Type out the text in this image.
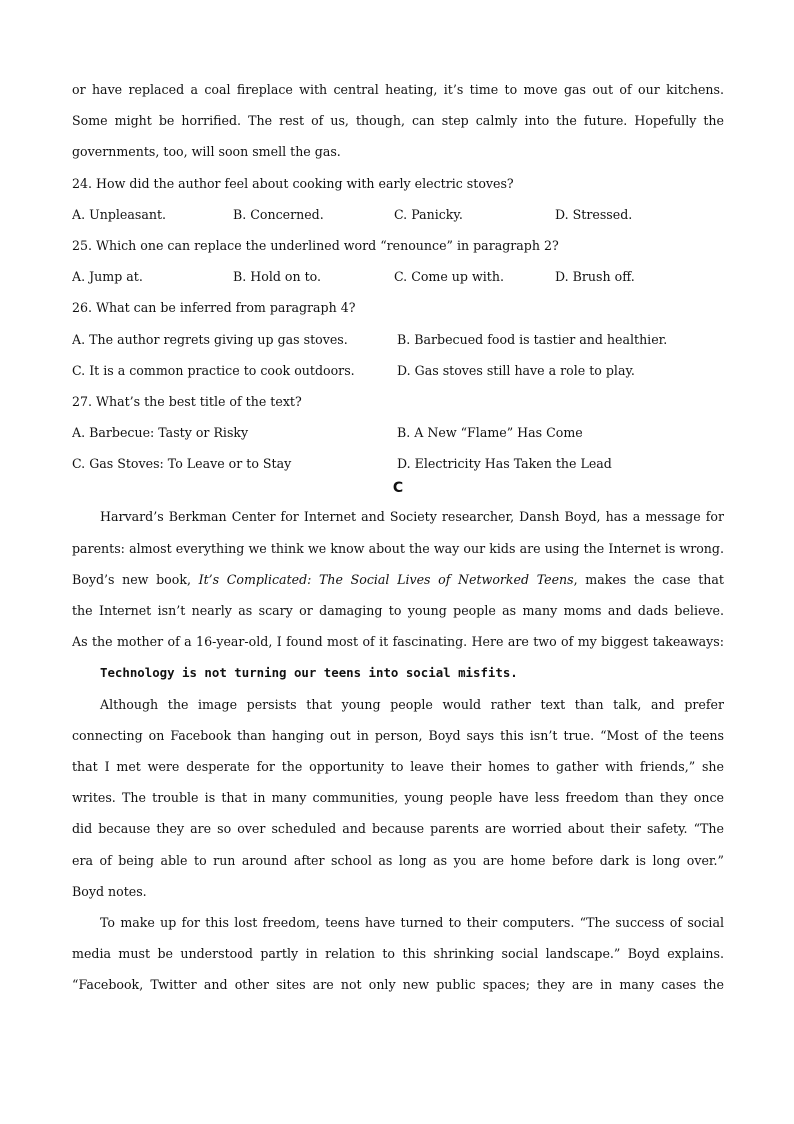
or have replaced a coal fireplace with central heating, it’s time to move gas out of our kitchens.
Some might be horrified. The rest of us, though, can step calmly into the future. Hopefully the
governments, too, will soon smell the gas.
24. How did the author feel about cooking with early electric stoves?
A. Unpleasant.	B. Concerned.	C. Panicky.	D. Stressed.
25. Which one can replace the underlined word “renounce” in paragraph 2?
A. Jump at.	B. Hold on to.	C. Come up with.	D. Brush off.
26. What can be inferred from paragraph 4?
A. The author regrets giving up gas stoves.	B. Barbecued food is tastier and healthier.
C. It is a common practice to cook outdoors.	D. Gas stoves still have a role to play.
27. What’s the best title of the text?
A. Barbecue: Tasty or Risky	B. A New “Flame” Has Come
C. Gas Stoves: To Leave or to Stay	D. Electricity Has Taken the Lead
C
Harvard’s Berkman Center for Internet and Society researcher, Dansh Boyd, has a message for
parents: almost everything we think we know about the way our kids are using the Internet is wrong.
Boyd’s new book, It’s Complicated: The Social Lives of Networked Teens, makes the case that
the Internet isn’t nearly as scary or damaging to young people as many moms and dads believe.
As the mother of a 16-year-old, I found most of it fascinating. Here are two of my biggest takeaways:
Technology is not turning our teens into social misfits.
Although the image persists that young people would rather text than talk, and prefer
connecting on Facebook than hanging out in person, Boyd says this isn’t true. “Most of the teens
that I met were desperate for the opportunity to leave their homes to gather with friends,” she
writes. The trouble is that in many communities, young people have less freedom than they once
did because they are so over scheduled and because parents are worried about their safety. “The
era of being able to run around after school as long as you are home before dark is long over.”
Boyd notes.
To make up for this lost freedom, teens have turned to their computers. “The success of social
media must be understood partly in relation to this shrinking social landscape.” Boyd explains.
“Facebook, Twitter and other sites are not only new public spaces; they are in many cases the
